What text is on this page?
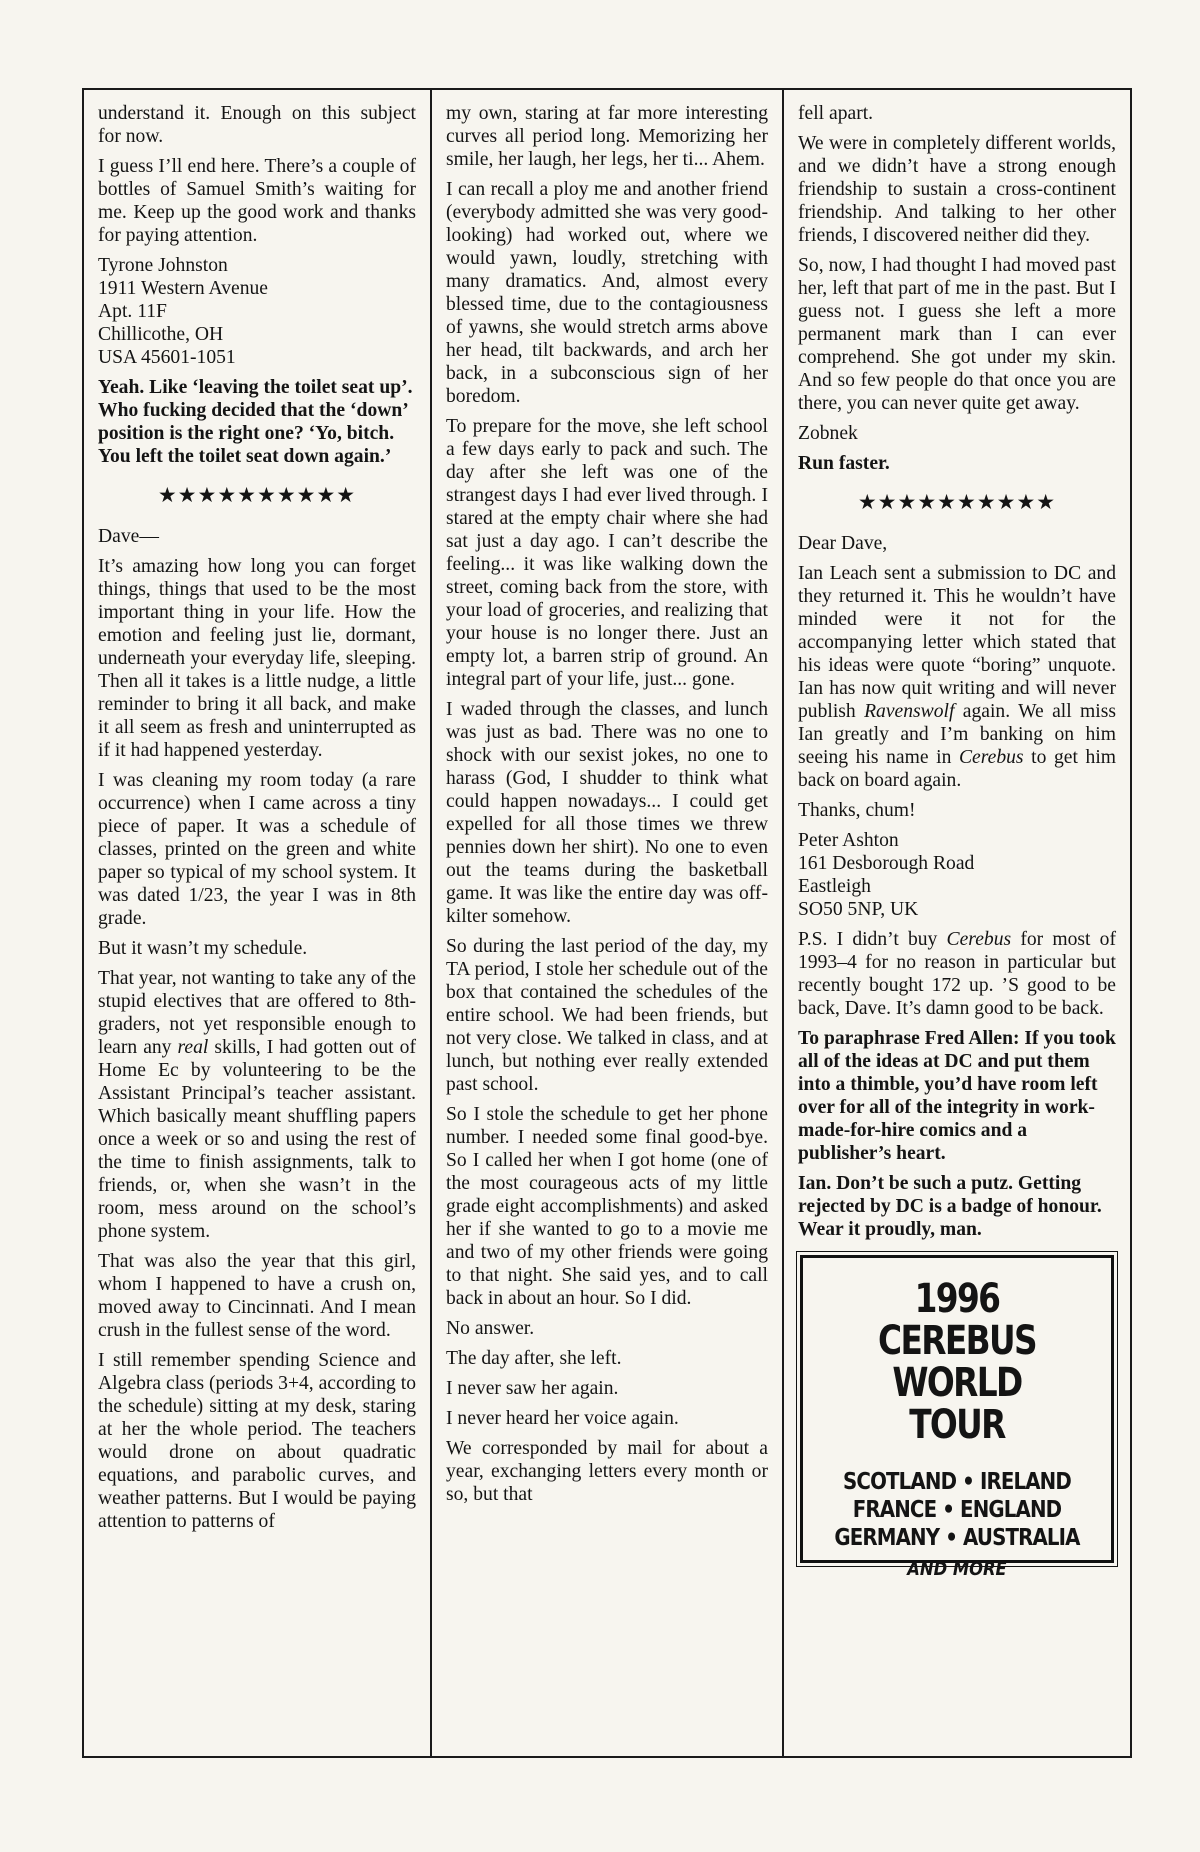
understand it. Enough on this subject for now.

I guess I’ll end here. There’s a couple of bottles of Samuel Smith’s waiting for me. Keep up the good work and thanks for paying attention.

Tyrone Johnston
1911 Western Avenue
Apt. 11F
Chillicothe, OH
USA 45601-1051

Yeah. Like ‘leaving the toilet seat up’. Who fucking decided that the ‘down’ position is the right one? ‘Yo, bitch. You left the toilet seat down again.’

★★★★★★★★★★

Dave—

It’s amazing how long you can forget things, things that used to be the most important thing in your life. How the emotion and feeling just lie, dormant, underneath your everyday life, sleeping. Then all it takes is a little nudge, a little reminder to bring it all back, and make it all seem as fresh and uninterrupted as if it had happened yesterday.

I was cleaning my room today (a rare occurrence) when I came across a tiny piece of paper. It was a schedule of classes, printed on the green and white paper so typical of my school system. It was dated 1/23, the year I was in 8th grade.

But it wasn’t my schedule.

That year, not wanting to take any of the stupid electives that are offered to 8th-graders, not yet responsible enough to learn any real skills, I had gotten out of Home Ec by volunteering to be the Assistant Principal’s teacher assistant. Which basically meant shuffling papers once a week or so and using the rest of the time to finish assignments, talk to friends, or, when she wasn’t in the room, mess around on the school’s phone system.

That was also the year that this girl, whom I happened to have a crush on, moved away to Cincinnati. And I mean crush in the fullest sense of the word.

I still remember spending Science and Algebra class (periods 3+4, according to the schedule) sitting at my desk, staring at her the whole period. The teachers would drone on about quadratic equations, and parabolic curves, and weather patterns. But I would be paying attention to patterns of

my own, staring at far more interesting curves all period long. Memorizing her smile, her laugh, her legs, her ti... Ahem.

I can recall a ploy me and another friend (everybody admitted she was very good-looking) had worked out, where we would yawn, loudly, stretching with many dramatics. And, almost every blessed time, due to the contagiousness of yawns, she would stretch arms above her head, tilt backwards, and arch her back, in a subconscious sign of her boredom.

To prepare for the move, she left school a few days early to pack and such. The day after she left was one of the strangest days I had ever lived through. I stared at the empty chair where she had sat just a day ago. I can’t describe the feeling... it was like walking down the street, coming back from the store, with your load of groceries, and realizing that your house is no longer there. Just an empty lot, a barren strip of ground. An integral part of your life, just... gone.

I waded through the classes, and lunch was just as bad. There was no one to shock with our sexist jokes, no one to harass (God, I shudder to think what could happen nowadays... I could get expelled for all those times we threw pennies down her shirt). No one to even out the teams during the basketball game. It was like the entire day was off-kilter somehow.

So during the last period of the day, my TA period, I stole her schedule out of the box that contained the schedules of the entire school. We had been friends, but not very close. We talked in class, and at lunch, but nothing ever really extended past school.

So I stole the schedule to get her phone number. I needed some final good-bye. So I called her when I got home (one of the most courageous acts of my little grade eight accomplishments) and asked her if she wanted to go to a movie me and two of my other friends were going to that night. She said yes, and to call back in about an hour. So I did.

No answer.

The day after, she left.

I never saw her again.

I never heard her voice again.

We corresponded by mail for about a year, exchanging letters every month or so, but that

fell apart.

We were in completely different worlds, and we didn’t have a strong enough friendship to sustain a cross-continent friendship. And talking to her other friends, I discovered neither did they.

So, now, I had thought I had moved past her, left that part of me in the past. But I guess not. I guess she left a more permanent mark than I can ever comprehend. She got under my skin. And so few people do that once you are there, you can never quite get away.

Zobnek

Run faster.

★★★★★★★★★★

Dear Dave,

Ian Leach sent a submission to DC and they returned it. This he wouldn’t have minded were it not for the accompanying letter which stated that his ideas were quote “boring” unquote. Ian has now quit writing and will never publish Ravenswolf again. We all miss Ian greatly and I’m banking on him seeing his name in Cerebus to get him back on board again.

Thanks, chum!

Peter Ashton
161 Desborough Road
Eastleigh
SO50 5NP, UK

P.S. I didn’t buy Cerebus for most of 1993–4 for no reason in particular but recently bought 172 up. ’S good to be back, Dave. It’s damn good to be back.

To paraphrase Fred Allen: If you took all of the ideas at DC and put them into a thimble, you’d have room left over for all of the integrity in work-made-for-hire comics and a publisher’s heart.

Ian. Don’t be such a putz. Getting rejected by DC is a badge of honour. Wear it proudly, man.

1996
CEREBUS
WORLD
TOUR
SCOTLAND • IRELAND
FRANCE • ENGLAND
GERMANY • AUSTRALIA
AND MORE
